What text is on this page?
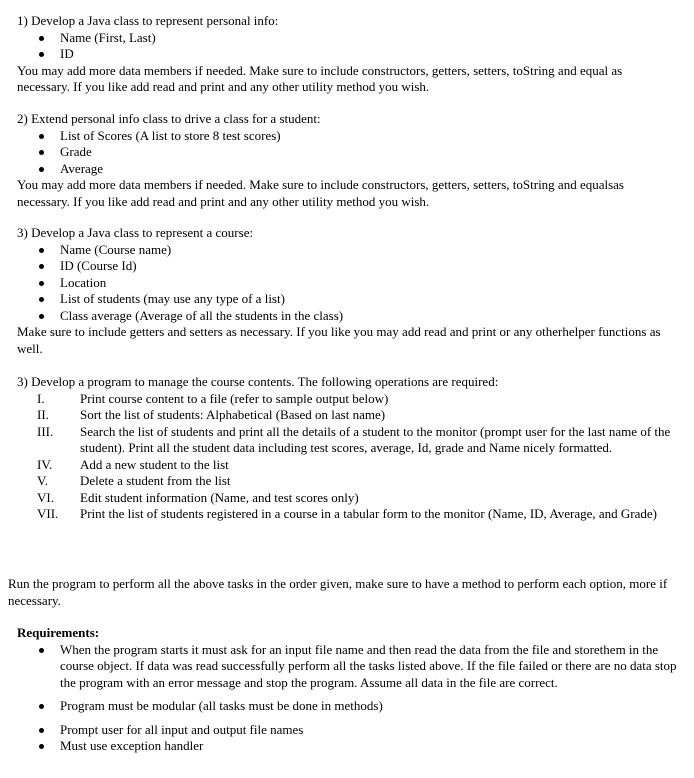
1) Develop a Java class to represent personal info:

Name (First, Last)
ID

You may add more data members if needed. Make sure to include constructors, getters, setters, toString and equal as necessary. If you like add read and print and any other utility method you wish.

2) Extend personal info class to drive a class for a student:

List of Scores (A list to store 8 test scores)
Grade
Average

You may add more data members if needed. Make sure to include constructors, getters, setters, toString and equalsas necessary. If you like add read and print and any other utility method you wish.

3) Develop a Java class to represent a course:

Name (Course name)
ID (Course Id)
Location
List of students (may use any type of a list)
Class average (Average of all the students in the class)

Make sure to include getters and setters as necessary. If you like you may add read and print or any otherhelper functions as well.

3) Develop a program to manage the course contents. The following operations are required:

I.	Print course content to a file (refer to sample output below)
II. Sort the list of students: Alphabetical (Based on last name)
III. Search the list of students and print all the details of a student to the monitor (prompt user for the last name of the student). Print all the student data including test scores, average, Id, grade and Name nicely formatted.
IV. Add a new student to the list
V. Delete a student from the list
VI. Edit student information (Name, and test scores only)
VII. Print the list of students registered in a course in a tabular form to the monitor (Name, ID, Average, and Grade)

Run the program to perform all the above tasks in the order given, make sure to have a method to perform each option, more if necessary.

Requirements:

When the program starts it must ask for an input file name and then read the data from the file and storethem in the course object. If data was read successfully perform all the tasks listed above. If the file failed or there are no data stop the program with an error message and stop the program. Assume all data in the file are correct.
Program must be modular (all tasks must be done in methods)
Prompt user for all input and output file names
Must use exception handler
